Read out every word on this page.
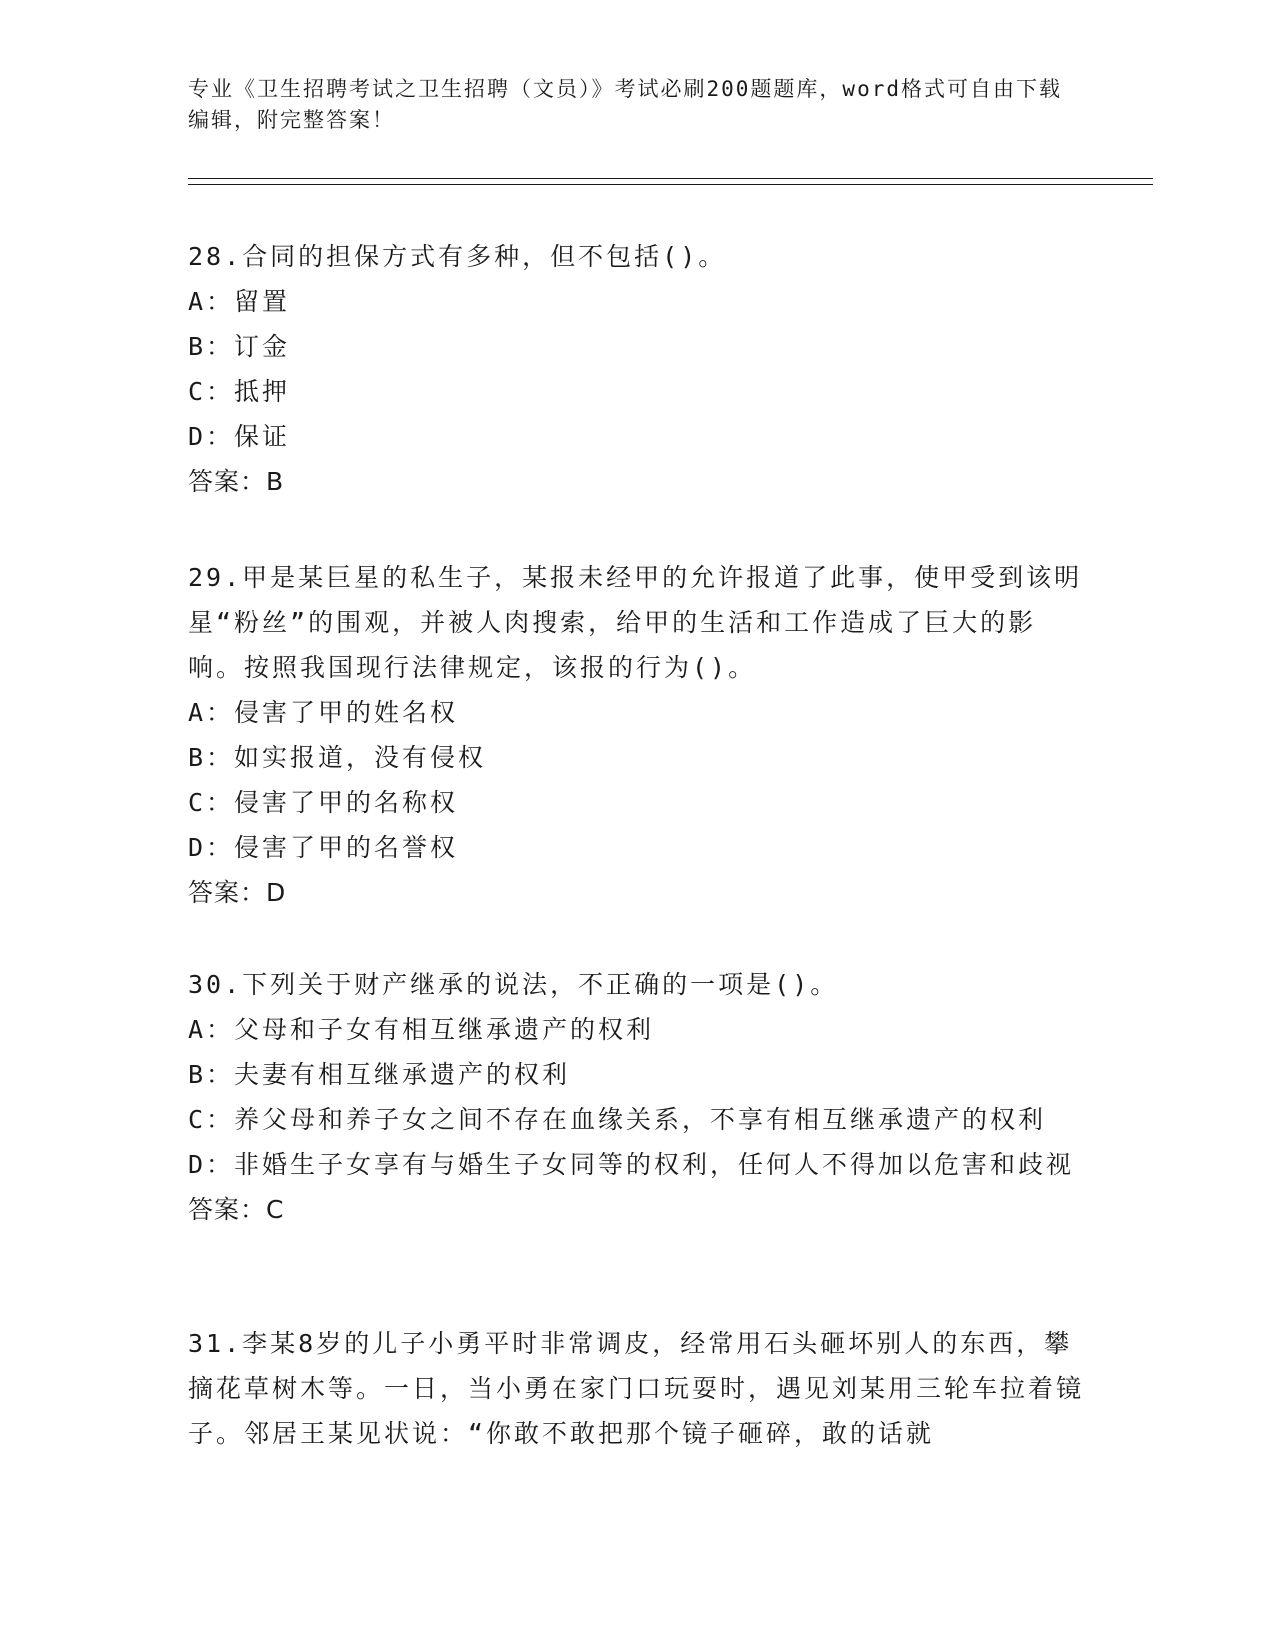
专业《卫生招聘考试之卫生招聘（文员）》考试必刷200题题库，word格式可自由下载编辑，附完整答案！

28.合同的担保方式有多种，但不包括()。

A：留置

B：订金

C：抵押

D：保证

答案：B

29.甲是某巨星的私生子，某报未经甲的允许报道了此事，使甲受到该明星“粉丝”的围观，并被人肉搜索，给甲的生活和工作造成了巨大的影响。按照我国现行法律规定，该报的行为()。

A：侵害了甲的姓名权

B：如实报道，没有侵权

C：侵害了甲的名称权

D：侵害了甲的名誉权

答案：D

30.下列关于财产继承的说法，不正确的一项是()。

A：父母和子女有相互继承遗产的权利

B：夫妻有相互继承遗产的权利

C：养父母和养子女之间不存在血缘关系，不享有相互继承遗产的权利

D：非婚生子女享有与婚生子女同等的权利，任何人不得加以危害和歧视

答案：C

31.李某8岁的儿子小勇平时非常调皮，经常用石头砸坏别人的东西，攀摘花草树木等。一日，当小勇在家门口玩耍时，遇见刘某用三轮车拉着镜子。邻居王某见状说：“你敢不敢把那个镜子砸碎，敢的话就
